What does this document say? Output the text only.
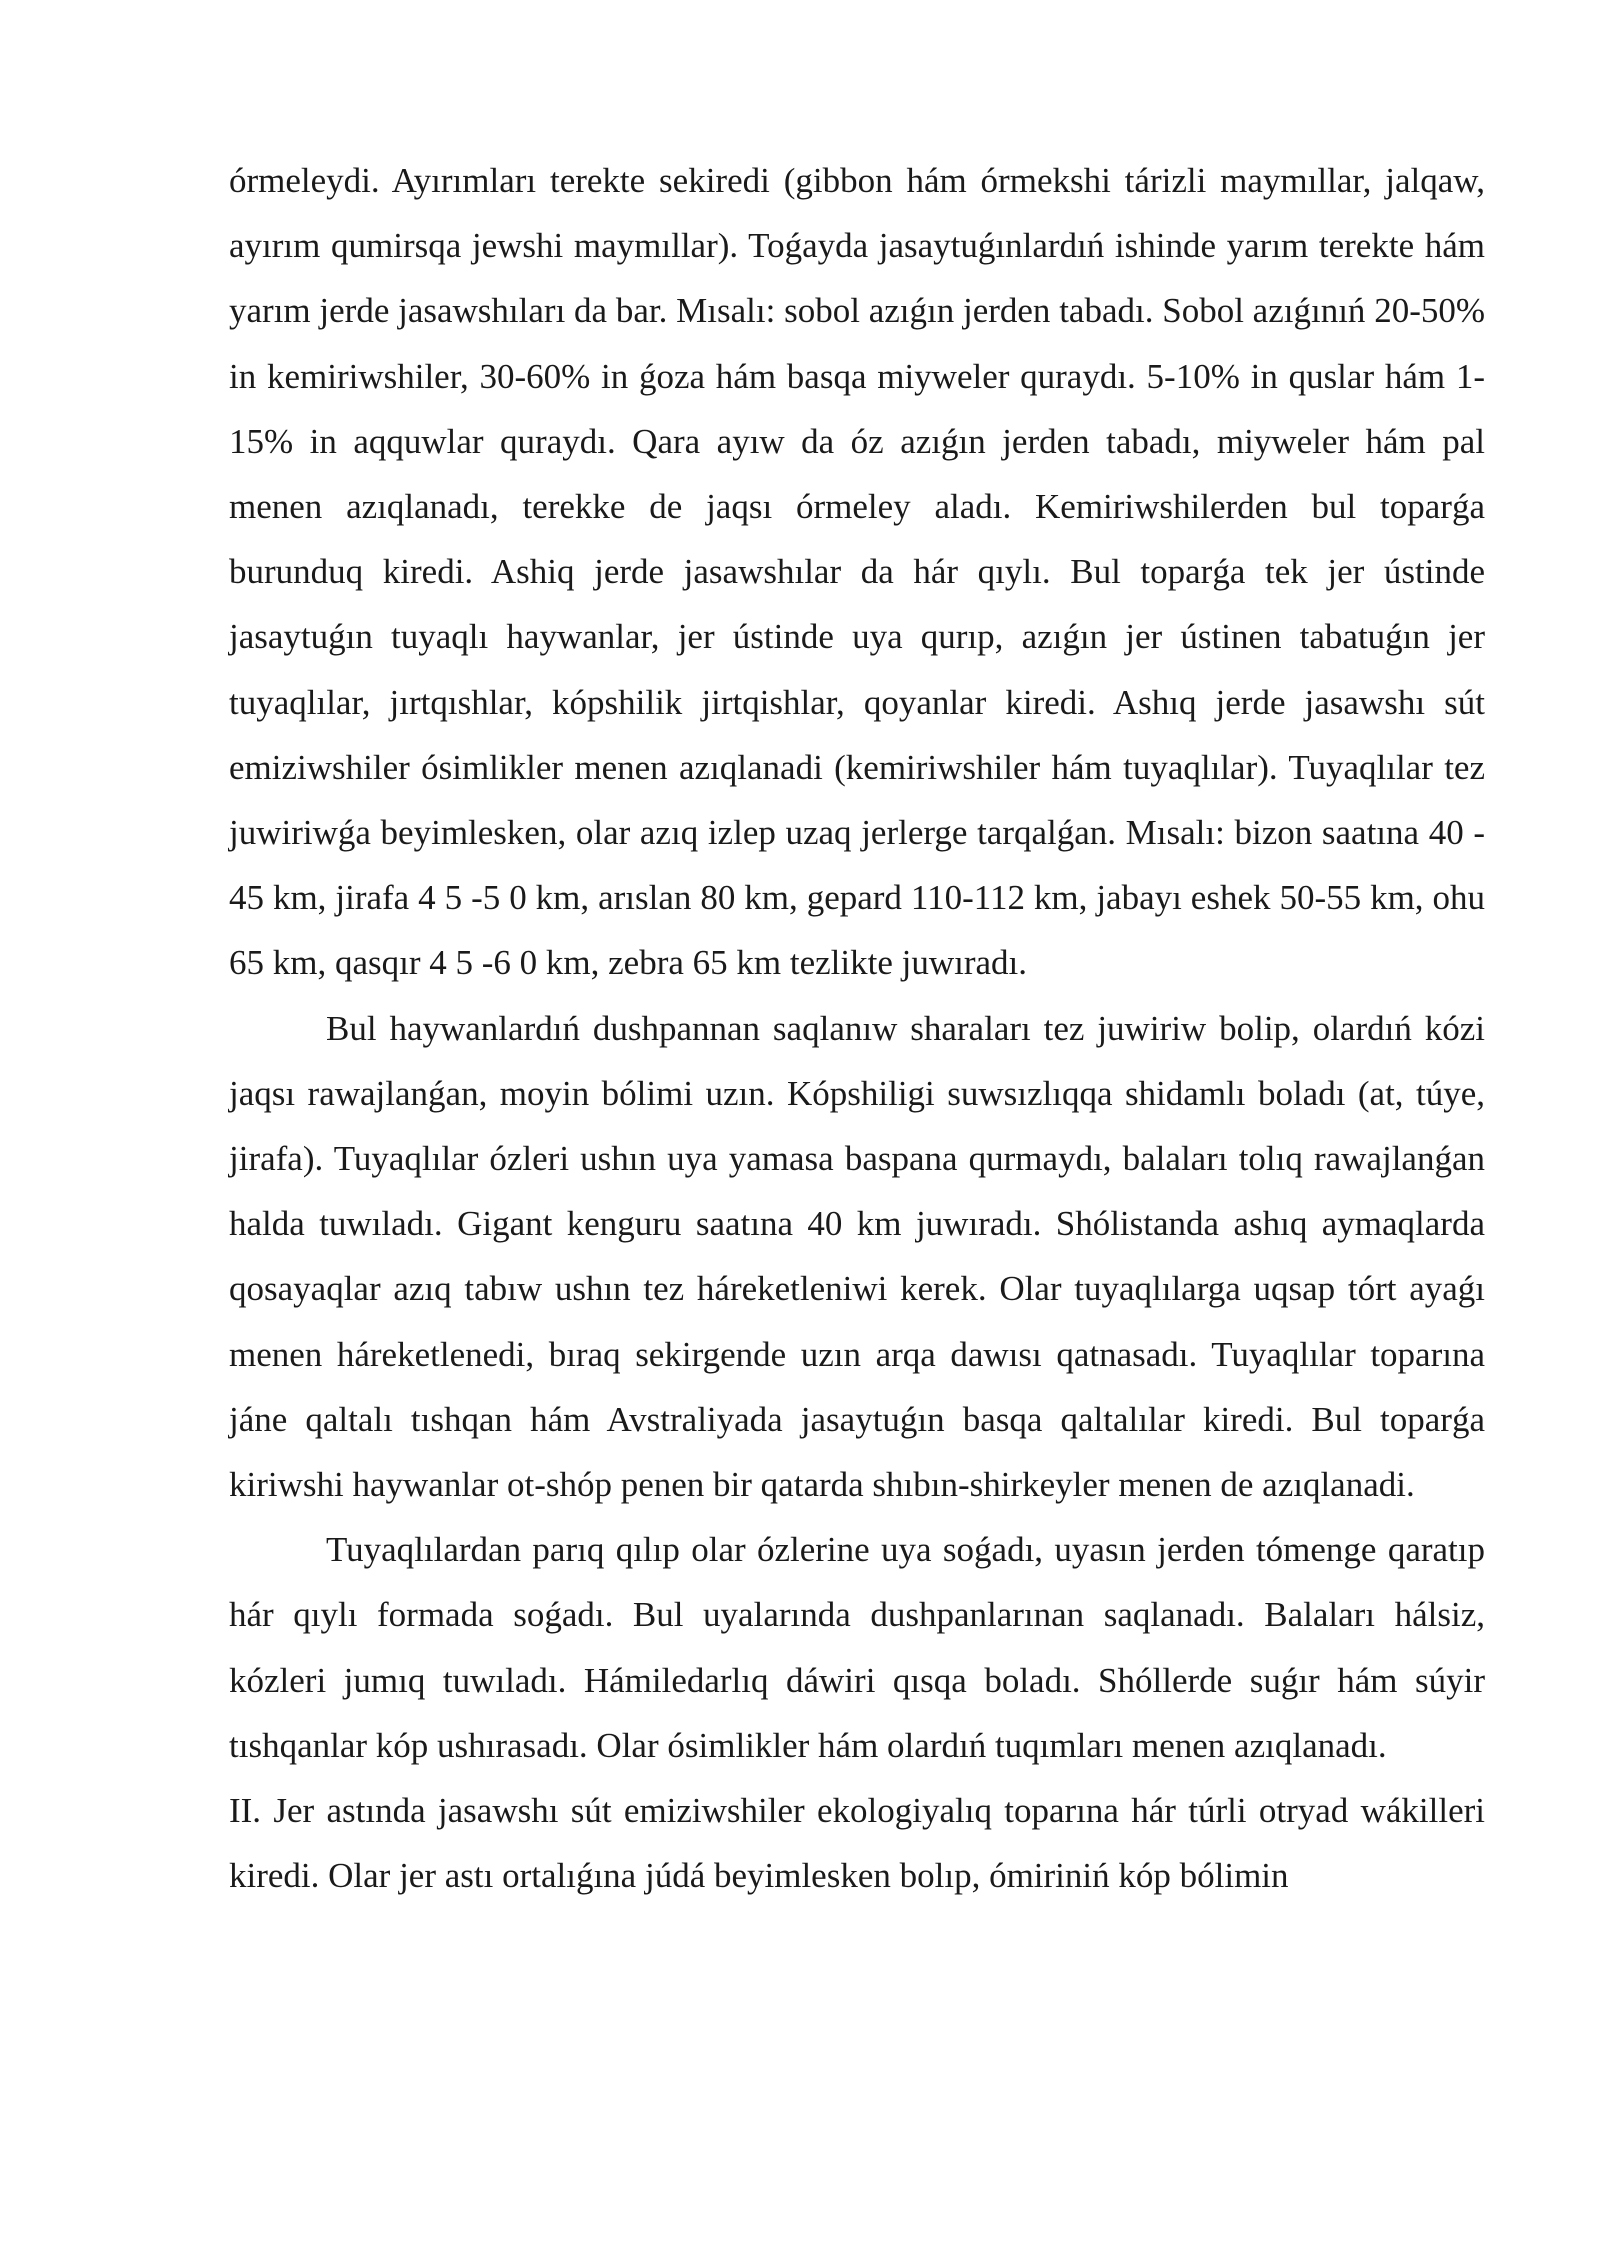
órmeleydi. Ayırımları terekte sekiredi (gibbon hám órmekshi tárizli maymıllar, jalqaw, ayırım qumirsqa jewshi maymıllar). Toǵayda jasaytuǵınlardıń ishinde yarım terekte hám yarım jerde jasawshıları da bar. Mısalı: sobol azıǵın jerden tabadı. Sobol azıǵınıń 20-50% in kemiriwshiler, 30-60% in ǵoza hám basqa miyweler quraydı. 5-10% in quslar hám 1-15% in aqquwlar quraydı. Qara ayıw da óz azıǵın jerden tabadı, miyweler hám pal menen azıqlanadı, terekke de jaqsı órmeley aladı. Kemiriwshilerden bul toparǵa burunduq kiredi. Ashiq jerde jasawshılar da hár qıylı. Bul toparǵa tek jer ústinde jasaytuǵın tuyaqlı haywanlar, jer ústinde uya qurıp, azıǵın jer ústinen tabatuǵın jer tuyaqlılar, jırtqıshlar, kópshilik jirtqishlar, qoyanlar kiredi. Ashıq jerde jasawshı sút emiziwshiler ósimlikler menen azıqlanadi (kemiriwshiler hám tuyaqlılar). Tuyaqlılar tez juwiriwǵa beyimlesken, olar azıq izlep uzaq jerlerge tarqalǵan. Mısalı: bizon saatına 40 - 45 km, jirafa 4 5 -5 0 km, arıslan 80 km, gepard 110-112 km, jabayı eshek 50-55 km, ohu 65 km, qasqır 4 5 -6 0 km, zebra 65 km tezlikte juwıradı.

Bul haywanlardıń dushpannan saqlanıw sharaları tez juwiriw bolip, olardıń kózi jaqsı rawajlanǵan, moyin bólimi uzın. Kópshiligi suwsızlıqqa shidamlı boladı (at, túye, jirafa). Tuyaqlılar ózleri ushın uya yamasa baspana qurmaydı, balaları tolıq rawajlanǵan halda tuwıladı. Gigant kenguru saatına 40 km juwıradı. Shólistanda ashıq aymaqlarda qosayaqlar azıq tabıw ushın tez háreketleniwi kerek. Olar tuyaqlılarga uqsap tórt ayaǵı menen háreketlenedi, bıraq sekirgende uzın arqa dawısı qatnasadı. Tuyaqlılar toparına jáne qaltalı tıshqan hám Avstraliyada jasaytuǵın basqa qaltalılar kiredi. Bul toparǵa kiriwshi haywanlar ot-shóp penen bir qatarda shıbın-shirkeyler menen de azıqlanadi.

Tuyaqlılardan parıq qılıp olar ózlerine uya soǵadı, uyasın jerden tómenge qaratıp hár qıylı formada soǵadı. Bul uyalarında dushpanlarınan saqlanadı. Balaları hálsiz, kózleri jumıq tuwıladı. Hámiledarlıq dáwiri qısqa boladı. Shóllerde suǵır hám súyir tıshqanlar kóp ushırasadı. Olar ósimlikler hám olardıń tuqımları menen azıqlanadı.

II. Jer astında jasawshı sút emiziwshiler ekologiyalıq toparına hár túrli otryad wákilleri kiredi. Olar jer astı ortalıǵına júdá beyimlesken bolıp, ómiriniń kóp bólimin
